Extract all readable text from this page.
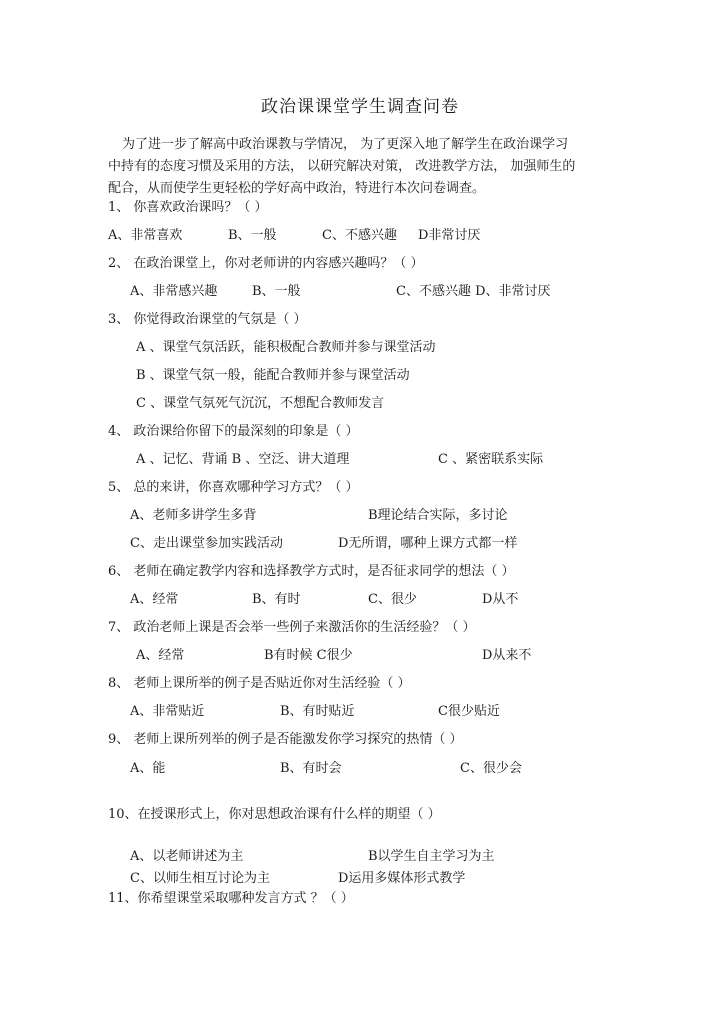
政治课课堂学生调查问卷

为了进一步了解高中政治课教与学情况， 为了更深入地了解学生在政治课学习

中持有的态度习惯及采用的方法， 以研究解决对策， 改进教学方法， 加强师生的

配合，从而使学生更轻松的学好高中政治，特进行本次问卷调查。

1、 你喜欢政治课吗？（ ）
A、非常喜欢	B、一般	C、不感兴趣 D非常讨厌
2、 在政治课堂上，你对老师讲的内容感兴趣吗？（ ）
A、非常感兴趣	B、一般	C、不感兴趣 D、非常讨厌
3、 你觉得政治课堂的气氛是（ ）
A 、课堂气氛活跃，能积极配合教师并参与课堂活动
B 、课堂气氛一般，能配合教师并参与课堂活动
C 、课堂气氛死气沉沉，不想配合教师发言
4、 政治课给你留下的最深刻的印象是（ ）
A 、记忆、背诵 B 、空泛、讲大道理	C 、紧密联系实际
5、 总的来讲，你喜欢哪种学习方式？（ ）
A、老师多讲学生多背	B理论结合实际，多讨论
C、走出课堂参加实践活动	D无所谓，哪种上课方式都一样
6、 老师在确定教学内容和选择教学方式时，是否征求同学的想法（ ）
A、经常	B、有时	C、很少	D从不
7、 政治老师上课是否会举一些例子来激活你的生活经验？（ ）
A、经常	B有时候 C很少	D从来不
8、 老师上课所举的例子是否贴近你对生活经验（ ）
A、非常贴近	B、有时贴近	C很少贴近
9、 老师上课所列举的例子是否能激发你学习探究的热情（ ）
A、能	B、有时会	C、很少会
10、在授课形式上，你对思想政治课有什么样的期望（ ）
A、以老师讲述为主	B以学生自主学习为主
C、以师生相互讨论为主	D运用多媒体形式教学
11、你希望课堂采取哪种发言方式 ？（ ）
